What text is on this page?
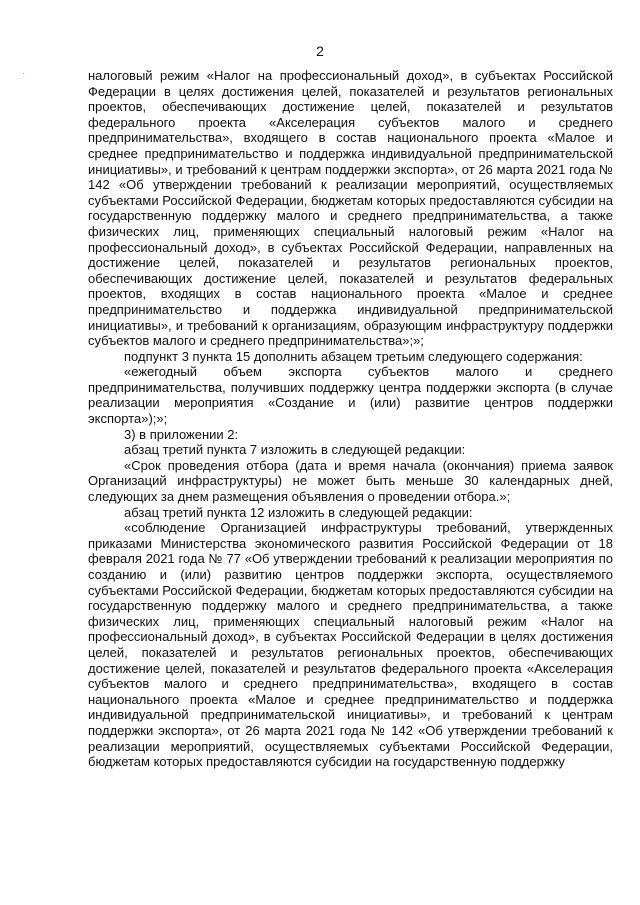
·
2

налоговый режим «Налог на профессиональный доход», в субъектах Российской Федерации в целях достижения целей, показателей и результатов региональных проектов, обеспечивающих достижение целей, показателей и результатов федерального проекта «Акселерация субъектов малого и среднего предпринимательства», входящего в состав национального проекта «Малое и среднее предпринимательство и поддержка индивидуальной предпринимательской инициативы», и требований к центрам поддержки экспорта», от 26 марта 2021 года № 142 «Об утверждении требований к реализации мероприятий, осуществляемых субъектами Российской Федерации, бюджетам которых предоставляются субсидии на государственную поддержку малого и среднего предпринимательства, а также физических лиц, применяющих специальный налоговый режим «Налог на профессиональный доход», в субъектах Российской Федерации, направленных на достижение целей, показателей и результатов региональных проектов, обеспечивающих достижение целей, показателей и результатов федеральных проектов, входящих в состав национального проекта «Малое и среднее предпринимательство и поддержка индивидуальной предпринимательской инициативы», и требований к организациям, образующим инфраструктуру поддержки субъектов малого и среднего предпринимательства»;»;

подпункт 3 пункта 15 дополнить абзацем третьим следующего содержания:

«ежегодный объем экспорта субъектов малого и среднего предпринимательства, получивших поддержку центра поддержки экспорта (в случае реализации мероприятия «Создание и (или) развитие центров поддержки экспорта»);»;

3) в приложении 2:

абзац третий пункта 7 изложить в следующей редакции:

«Срок проведения отбора (дата и время начала (окончания) приема заявок Организаций инфраструктуры) не может быть меньше 30 календарных дней, следующих за днем размещения объявления о проведении отбора.»;

абзац третий пункта 12 изложить в следующей редакции:

«соблюдение Организацией инфраструктуры требований, утвержденных приказами Министерства экономического развития Российской Федерации от 18 февраля 2021 года № 77 «Об утверждении требований к реализации мероприятия по созданию и (или) развитию центров поддержки экспорта, осуществляемого субъектами Российской Федерации, бюджетам которых предоставляются субсидии на государственную поддержку малого и среднего предпринимательства, а также физических лиц, применяющих специальный налоговый режим «Налог на профессиональный доход», в субъектах Российской Федерации в целях достижения целей, показателей и результатов региональных проектов, обеспечивающих достижение целей, показателей и результатов федерального проекта «Акселерация субъектов малого и среднего предпринимательства», входящего в состав национального проекта «Малое и среднее предпринимательство и поддержка индивидуальной предпринимательской инициативы», и требований к центрам поддержки экспорта», от 26 марта 2021 года № 142 «Об утверждении требований к реализации мероприятий, осуществляемых субъектами Российской Федерации, бюджетам которых предоставляются субсидии на государственную поддержку
